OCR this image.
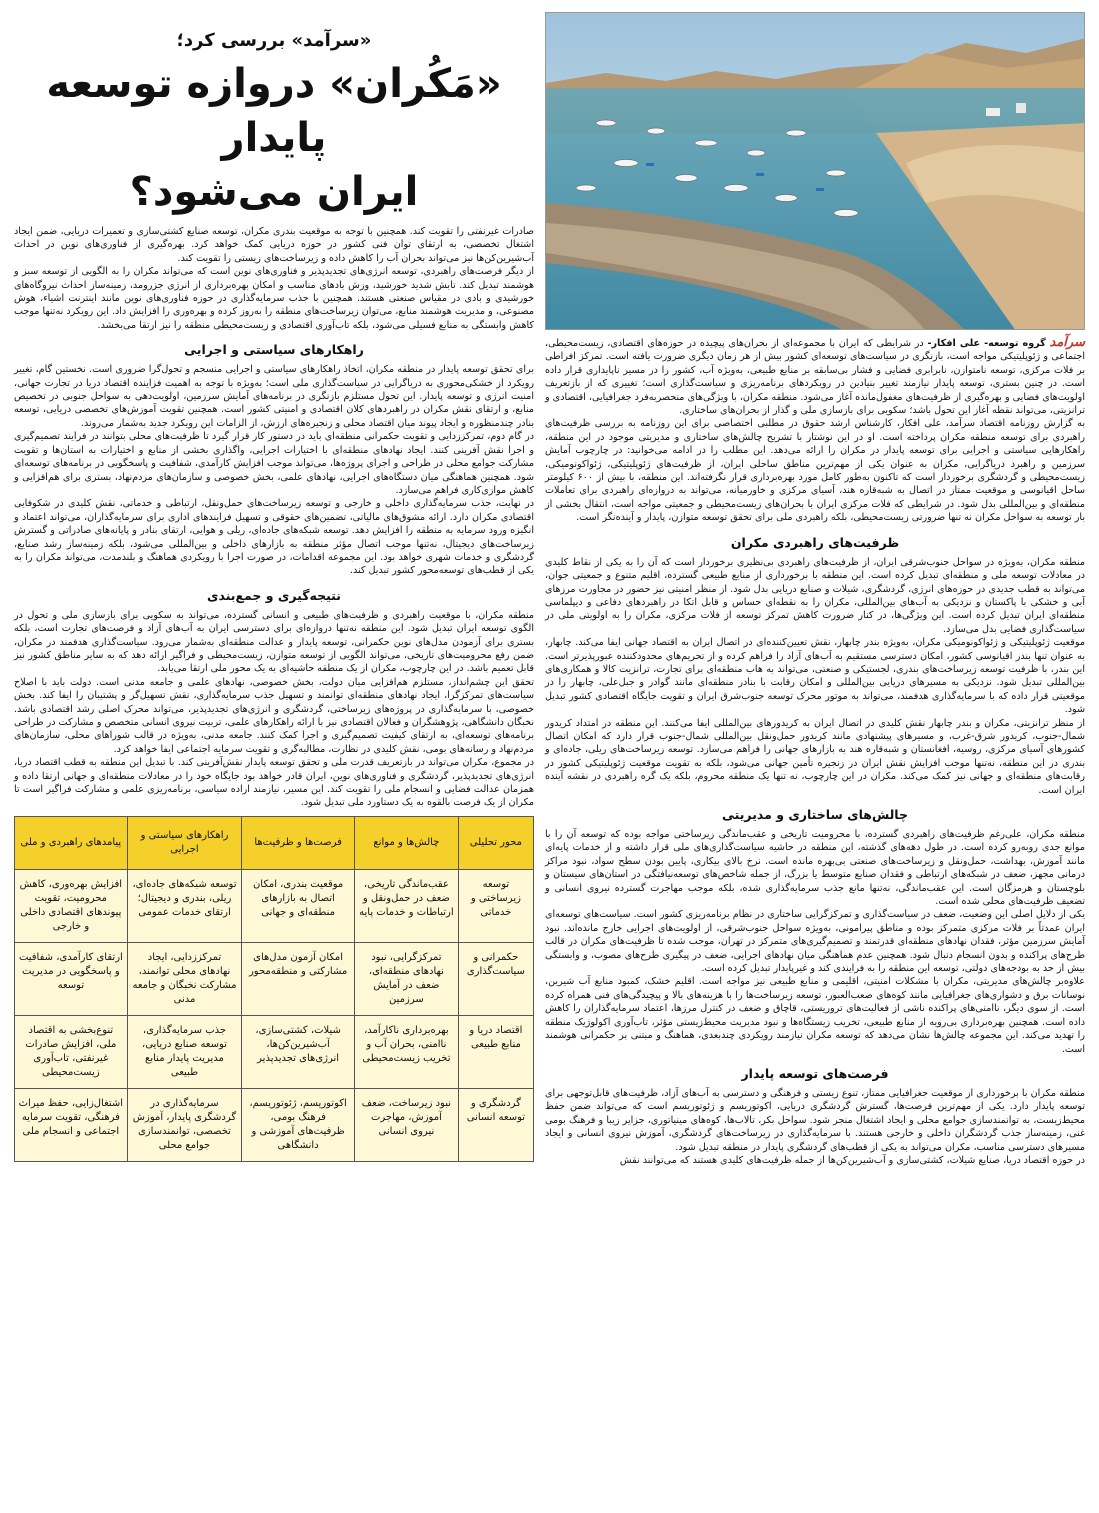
سرآمد گروه توسعه- علی افکار- در شرایطی که ایران با مجموعه‌ای از بحران‌های پیچیده در حوزه‌های اقتصادی، زیست‌محیطی، اجتماعی و ژئوپلیتیکی مواجه است، بازنگری در سیاست‌های توسعه‌ای کشور بیش از هر زمان دیگری ضرورت یافته است. تمرکز افراطی بر فلات مرکزی، توسعه نامتوازن، نابرابری فضایی و فشار بی‌سابقه بر منابع طبیعی، به‌ویژه آب، کشور را در مسیر ناپایداری قرار داده است. در چنین بستری، توسعه پایدار نیازمند تغییر بنیادین در رویکردهای برنامه‌ریزی و سیاست‌گذاری است؛ تغییری که از بازتعریف اولویت‌های فضایی و بهره‌گیری از ظرفیت‌های مغفول‌مانده آغاز می‌شود. منطقه مکران، با ویژگی‌های منحصربه‌فرد جغرافیایی، اقتصادی و ترانزیتی، می‌تواند نقطه آغاز این تحول باشد؛ سکویی برای بازسازی ملی و گذار از بحران‌های ساختاری.

به گزارش روزنامه اقتصاد سرآمد، علی افکار، کارشناس ارشد حقوق در مطلبی اختصاصی برای این روزنامه به بررسی ظرفیت‌های راهبردی برای توسعه منطقه مکران پرداخته است. او در این نوشتار با تشریح چالش‌های ساختاری و مدیریتی موجود در این منطقه، راهکارهایی سیاستی و اجرایی برای توسعه پایدار در مکران را ارائه می‌دهد. این مطلب را در ادامه می‌خوانید: در چارچوب آمایش سرزمین و راهبرد دریاگرایی، مکران به عنوان یکی از مهم‌ترین مناطق ساحلی ایران، از ظرفیت‌های ژئوپلیتیکی، ژئواکونومیکی، زیست‌محیطی و گردشگری برخوردار است که تاکنون به‌طور کامل مورد بهره‌برداری قرار نگرفته‌اند. این منطقه، با بیش از ۶۰۰ کیلومتر ساحل اقیانوسی و موقعیت ممتاز در اتصال به شبه‌قاره هند، آسیای مرکزی و خاورمیانه، می‌تواند به دروازه‌ای راهبردی برای تعاملات منطقه‌ای و بین‌المللی بدل شود. در شرایطی که فلات مرکزی ایران با بحران‌های زیست‌محیطی و جمعیتی مواجه است، انتقال بخشی از بار توسعه به سواحل مکران نه تنها ضرورتی زیست‌محیطی، بلکه راهبردی ملی برای تحقق توسعه متوازن، پایدار و آینده‌نگر است.

ظرفیت‌های راهبردی مکران

منطقه مکران، به‌ویژه در سواحل جنوب‌شرقی ایران، از ظرفیت‌های راهبردی بی‌نظیری برخوردار است که آن را به یکی از نقاط کلیدی در معادلات توسعه ملی و منطقه‌ای تبدیل کرده است. این منطقه با برخورداری از منابع طبیعی گسترده، اقلیم متنوع و جمعیتی جوان، می‌تواند به قطب جدیدی در حوزه‌های انرژی، گردشگری، شیلات و صنایع دریایی بدل شود. از منظر امنیتی نیز حضور در مجاورت مرزهای آبی و خشکی با پاکستان و نزدیکی به آب‌های بین‌المللی، مکران را به نقطه‌ای حساس و قابل اتکا در راهبردهای دفاعی و دیپلماسی منطقه‌ای ایران تبدیل کرده است. این ویژگی‌ها، در کنار ضرورت کاهش تمرکز توسعه از فلات مرکزی، مکران را به اولویتی ملی در سیاست‌گذاری فضایی بدل می‌سازد.

موقعیت ژئوپلیتیکی و ژئواکونومیکی مکران، به‌ویژه بندر چابهار، نقش تعیین‌کننده‌ای در اتصال ایران به اقتصاد جهانی ایفا می‌کند. چابهار، به عنوان تنها بندر اقیانوسی کشور، امکان دسترسی مستقیم به آب‌های آزاد را فراهم کرده و از تحریم‌های محدودکننده عبورپذیرتر است. این بندر، با ظرفیت توسعه زیرساخت‌های بندری، لجستیکی و صنعتی، می‌تواند به هاب منطقه‌ای برای تجارت، ترانزیت کالا و همکاری‌های بین‌المللی تبدیل شود. نزدیکی به مسیرهای دریایی بین‌المللی و امکان رقابت با بنادر منطقه‌ای مانند گوادر و جبل‌علی، چابهار را در موقعیتی قرار داده که با سرمایه‌گذاری هدفمند، می‌تواند به موتور محرک توسعه جنوب‌شرق ایران و تقویت جایگاه اقتصادی کشور تبدیل شود.

از منظر ترانزیتی، مکران و بندر چابهار نقش کلیدی در اتصال ایران به کریدورهای بین‌المللی ایفا می‌کنند. این منطقه در امتداد کریدور شمال-جنوب، کریدور شرق-غرب، و مسیرهای پیشنهادی مانند کریدور حمل‌ونقل بین‌المللی شمال-جنوب قرار دارد که امکان اتصال کشورهای آسیای مرکزی، روسیه، افغانستان و شبه‌قاره هند به بازارهای جهانی را فراهم می‌سازد. توسعه زیرساخت‌های ریلی، جاده‌ای و بندری در این منطقه، نه‌تنها موجب افزایش نقش ایران در زنجیره تأمین جهانی می‌شود، بلکه به تقویت موقعیت ژئوپلیتیکی کشور در رقابت‌های منطقه‌ای و جهانی نیز کمک می‌کند. مکران در این چارچوب، نه تنها یک منطقه محروم، بلکه یک گره راهبردی در نقشه آینده ایران است.

چالش‌های ساختاری و مدیریتی

منطقه مکران، علی‌رغم ظرفیت‌های راهبردی گسترده، با محرومیت تاریخی و عقب‌ماندگی زیرساختی مواجه بوده که توسعه آن را با موانع جدی روبه‌رو کرده است. در طول دهه‌های گذشته، این منطقه در حاشیه سیاست‌گذاری‌های ملی قرار داشته و از خدمات پایه‌ای مانند آموزش، بهداشت، حمل‌ونقل و زیرساخت‌های صنعتی بی‌بهره مانده است. نرخ بالای بیکاری، پایین بودن سطح سواد، نبود مراکز درمانی مجهز، ضعف در شبکه‌های ارتباطی و فقدان صنایع متوسط یا بزرگ، از جمله شاخص‌های توسعه‌نیافتگی در استان‌های سیستان و بلوچستان و هرمزگان است. این عقب‌ماندگی، نه‌تنها مانع جذب سرمایه‌گذاری شده، بلکه موجب مهاجرت گسترده نیروی انسانی و تضعیف ظرفیت‌های محلی شده است.

یکی از دلایل اصلی این وضعیت، ضعف در سیاست‌گذاری و تمرکزگرایی ساختاری در نظام برنامه‌ریزی کشور است. سیاست‌های توسعه‌ای ایران عمدتاً بر فلات مرکزی متمرکز بوده و مناطق پیرامونی، به‌ویژه سواحل جنوب‌شرقی، از اولویت‌های اجرایی خارج مانده‌اند. نبود آمایش سرزمین مؤثر، فقدان نهادهای منطقه‌ای قدرتمند و تصمیم‌گیری‌های متمرکز در تهران، موجب شده تا ظرفیت‌های مکران در قالب طرح‌های پراکنده و بدون انسجام دنبال شود. همچنین عدم هماهنگی میان نهادهای اجرایی، ضعف در پیگیری طرح‌های مصوب، و وابستگی بیش از حد به بودجه‌های دولتی، توسعه این منطقه را به فرایندی کند و غیرپایدار تبدیل کرده است.

علاوه‌بر چالش‌های مدیریتی، مکران با مشکلات امنیتی، اقلیمی و منابع طبیعی نیز مواجه است. اقلیم خشک، کمبود منابع آب شیرین، نوسانات برق و دشواری‌های جغرافیایی مانند کوه‌های صعب‌العبور، توسعه زیرساخت‌ها را با هزینه‌های بالا و پیچیدگی‌های فنی همراه کرده است. از سوی دیگر، ناامنی‌های پراکنده ناشی از فعالیت‌های تروریستی، قاچاق و ضعف در کنترل مرزها، اعتماد سرمایه‌گذاران را کاهش داده است. همچنین بهره‌برداری بی‌رویه از منابع طبیعی، تخریب زیستگاه‌ها و نبود مدیریت محیط‌زیستی مؤثر، تاب‌آوری اکولوژیک منطقه را تهدید می‌کند. این مجموعه چالش‌ها نشان می‌دهد که توسعه مکران نیازمند رویکردی چندبعدی، هماهنگ و مبتنی بر حکمرانی هوشمند است.

فرصت‌های توسعه پایدار

منطقه مکران با برخورداری از موقعیت جغرافیایی ممتاز، تنوع زیستی و فرهنگی و دسترسی به آب‌های آزاد، ظرفیت‌های قابل‌توجهی برای توسعه پایدار دارد. یکی از مهم‌ترین فرصت‌ها، گسترش گردشگری دریایی، اکوتوریسم و ژئوتوریسم است که می‌تواند ضمن حفظ محیط‌زیست، به توانمندسازی جوامع محلی و ایجاد اشتغال منجر شود. سواحل بکر، تالاب‌ها، کوه‌های مینیاتوری، جزایر زیبا و فرهنگ بومی غنی، زمینه‌ساز جذب گردشگران داخلی و خارجی هستند. با سرمایه‌گذاری در زیرساخت‌های گردشگری، آموزش نیروی انسانی و ایجاد مسیرهای دسترسی مناسب، مکران می‌تواند به یکی از قطب‌های گردشگری پایدار در منطقه تبدیل شود.

در حوزه اقتصاد دریا، صنایع شیلات، کشتی‌سازی و آب‌شیرین‌کن‌ها از جمله ظرفیت‌های کلیدی هستند که می‌توانند نقش

«سرآمد» بررسی کرد؛
«مَکُران» دروازه توسعه پایدار
ایران می‌شود؟

صادرات غیرنفتی را تقویت کند. همچنین با توجه به موقعیت بندری مکران، توسعه صنایع کشتی‌سازی و تعمیرات دریایی، ضمن ایجاد اشتغال تخصصی، به ارتقای توان فنی کشور در حوزه دریایی کمک خواهد کرد. بهره‌گیری از فناوری‌های نوین در احداث آب‌شیرین‌کن‌ها نیز می‌تواند بحران آب را کاهش داده و زیرساخت‌های زیستی را تقویت کند.

از دیگر فرصت‌های راهبردی، توسعه انرژی‌های تجدیدپذیر و فناوری‌های نوین است که می‌تواند مکران را به الگویی از توسعه سبز و هوشمند تبدیل کند. تابش شدید خورشید، وزش بادهای مناسب و امکان بهره‌برداری از انرژی جزرومد، زمینه‌ساز احداث نیروگاه‌های خورشیدی و بادی در مقیاس صنعتی هستند. همچنین با جذب سرمایه‌گذاری در حوزه فناوری‌های نوین مانند اینترنت اشیاء، هوش مصنوعی، و مدیریت هوشمند منابع، می‌توان زیرساخت‌های منطقه را به‌روز کرده و بهره‌وری را افزایش داد. این رویکرد نه‌تنها موجب کاهش وابستگی به منابع فسیلی می‌شود، بلکه تاب‌آوری اقتصادی و زیست‌محیطی منطقه را نیز ارتقا می‌بخشد.

راهکارهای سیاستی و اجرایی

برای تحقق توسعه پایدار در منطقه مکران، اتخاذ راهکارهای سیاستی و اجرایی منسجم و تحول‌گرا ضروری است. نخستین گام، تغییر رویکرد از خشکی‌محوری به دریاگرایی در سیاست‌گذاری ملی است؛ به‌ویژه با توجه به اهمیت فزاینده اقتصاد دریا در تجارت جهانی، امنیت انرژی و توسعه پایدار. این تحول مستلزم بازنگری در برنامه‌های آمایش سرزمین، اولویت‌دهی به سواحل جنوبی در تخصیص منابع، و ارتقای نقش مکران در راهبردهای کلان اقتصادی و امنیتی کشور است. همچنین تقویت آموزش‌های تخصصی دریایی، توسعه بنادر چندمنظوره و ایجاد پیوند میان اقتصاد محلی و زنجیره‌های ارزش، از الزامات این رویکرد جدید به‌شمار می‌روند.

در گام دوم، تمرکززدایی و تقویت حکمرانی منطقه‌ای باید در دستور کار قرار گیرد تا ظرفیت‌های محلی بتوانند در فرایند تصمیم‌گیری و اجرا نقش آفرینی کنند. ایجاد نهادهای منطقه‌ای با اختیارات اجرایی، واگذاری بخشی از منابع و اختیارات به استان‌ها و تقویت مشارکت جوامع محلی در طراحی و اجرای پروژه‌ها، می‌تواند موجب افزایش کارآمدی، شفافیت و پاسخگویی در برنامه‌های توسعه‌ای شود. همچنین هماهنگی میان دستگاه‌های اجرایی، نهادهای علمی، بخش خصوصی و سازمان‌های مردم‌نهاد، بستری برای هم‌افزایی و کاهش موازی‌کاری فراهم می‌سازد.

در نهایت، جذب سرمایه‌گذاری داخلی و خارجی و توسعه زیرساخت‌های حمل‌ونقل، ارتباطی و خدماتی، نقش کلیدی در شکوفایی اقتصادی مکران دارد. ارائه مشوق‌های مالیاتی، تضمین‌های حقوقی و تسهیل فرایندهای اداری برای سرمایه‌گذاران، می‌تواند اعتماد و انگیزه ورود سرمایه به منطقه را افزایش دهد. توسعه شبکه‌های جاده‌ای، ریلی و هوایی، ارتقای بنادر و پایانه‌های صادراتی و گسترش زیرساخت‌های دیجیتال، نه‌تنها موجب اتصال مؤثر منطقه به بازارهای داخلی و بین‌المللی می‌شود، بلکه زمینه‌ساز رشد صنایع، گردشگری و خدمات شهری خواهد بود. این مجموعه اقدامات، در صورت اجرا با رویکردی هماهنگ و بلندمدت، می‌تواند مکران را به یکی از قطب‌های توسعه‌محور کشور تبدیل کند.

نتیجه‌گیری و جمع‌بندی

منطقه مکران، با موقعیت راهبردی و ظرفیت‌های طبیعی و انسانی گسترده، می‌تواند به سکویی برای بازسازی ملی و تحول در الگوی توسعه ایران تبدیل شود. این منطقه نه‌تنها دروازه‌ای برای دسترسی ایران به آب‌های آزاد و فرصت‌های تجارت است، بلکه بستری برای آزمودن مدل‌های نوین حکمرانی، توسعه پایدار و عدالت منطقه‌ای به‌شمار می‌رود. سیاست‌گذاری هدفمند در مکران، ضمن رفع محرومیت‌های تاریخی، می‌تواند الگویی از توسعه متوازن، زیست‌محیطی و فراگیر ارائه دهد که به سایر مناطق کشور نیز قابل تعمیم باشد. در این چارچوب، مکران از یک منطقه حاشیه‌ای به یک محور ملی ارتقا می‌یابد.

تحقق این چشم‌انداز، مستلزم هم‌افزایی میان دولت، بخش خصوصی، نهادهای علمی و جامعه مدنی است. دولت باید با اصلاح سیاست‌های تمرکزگرا، ایجاد نهادهای منطقه‌ای توانمند و تسهیل جذب سرمایه‌گذاری، نقش تسهیل‌گر و پشتیبان را ایفا کند. بخش خصوصی، با سرمایه‌گذاری در پروژه‌های زیرساختی، گردشگری و انرژی‌های تجدیدپذیر، می‌تواند محرک اصلی رشد اقتصادی باشد. نخبگان دانشگاهی، پژوهشگران و فعالان اقتصادی نیز با ارائه راهکارهای علمی، تربیت نیروی انسانی متخصص و مشارکت در طراحی برنامه‌های توسعه‌ای، به ارتقای کیفیت تصمیم‌گیری و اجرا کمک کنند. جامعه مدنی، به‌ویژه در قالب شوراهای محلی، سازمان‌های مردم‌نهاد و رسانه‌های بومی، نقش کلیدی در نظارت، مطالبه‌گری و تقویت سرمایه اجتماعی ایفا خواهد کرد.

در مجموع، مکران می‌تواند در بازتعریف قدرت ملی و تحقق توسعه پایدار نقش‌آفرینی کند. با تبدیل این منطقه به قطب اقتصاد دریا، انرژی‌های تجدیدپذیر، گردشگری و فناوری‌های نوین، ایران قادر خواهد بود جایگاه خود را در معادلات منطقه‌ای و جهانی ارتقا داده و همزمان عدالت فضایی و انسجام ملی را تقویت کند. این مسیر، نیازمند اراده سیاسی، برنامه‌ریزی علمی و مشارکت فراگیر است تا مکران از یک فرصت بالقوه به یک دستاورد ملی تبدیل شود.

محور تحلیلی	چالش‌ها و موانع	فرصت‌ها و ظرفیت‌ها	راهکارهای سیاستی و اجرایی	پیامدهای راهبردی و ملی
توسعه زیرساختی و خدماتی	عقب‌ماندگی تاریخی، ضعف در حمل‌ونقل و ارتباطات و خدمات پایه	موقعیت بندری، امکان اتصال به بازارهای منطقه‌ای و جهانی	توسعه شبکه‌های جاده‌ای، ریلی، بندری و دیجیتال؛ ارتقای خدمات عمومی	افزایش بهره‌وری، کاهش محرومیت، تقویت پیوندهای اقتصادی داخلی و خارجی
حکمرانی و سیاست‌گذاری	تمرکزگرایی، نبود نهادهای منطقه‌ای، ضعف در آمایش سرزمین	امکان آزمون مدل‌های مشارکتی و منطقه‌محور	تمرکززدایی، ایجاد نهادهای محلی توانمند، مشارکت نخبگان و جامعه مدنی	ارتقای کارآمدی، شفافیت و پاسخگویی در مدیریت توسعه
اقتصاد دریا و منابع طبیعی	بهره‌برداری ناکارآمد، ناامنی، بحران آب و تخریب زیست‌محیطی	شیلات، کشتی‌سازی، آب‌شیرین‌کن‌ها، انرژی‌های تجدیدپذیر	جذب سرمایه‌گذاری، توسعه صنایع دریایی، مدیریت پایدار منابع طبیعی	تنوع‌بخشی به اقتصاد ملی، افزایش صادرات غیرنفتی، تاب‌آوری زیست‌محیطی
گردشگری و توسعه انسانی	نبود زیرساخت، ضعف آموزش، مهاجرت نیروی انسانی	اکوتوریسم، ژئوتوریسم، فرهنگ بومی، ظرفیت‌های آموزشی و دانشگاهی	سرمایه‌گذاری در گردشگری پایدار، آموزش تخصصی، توانمندسازی جوامع محلی	اشتغال‌زایی، حفظ میراث فرهنگی، تقویت سرمایه اجتماعی و انسجام ملی
